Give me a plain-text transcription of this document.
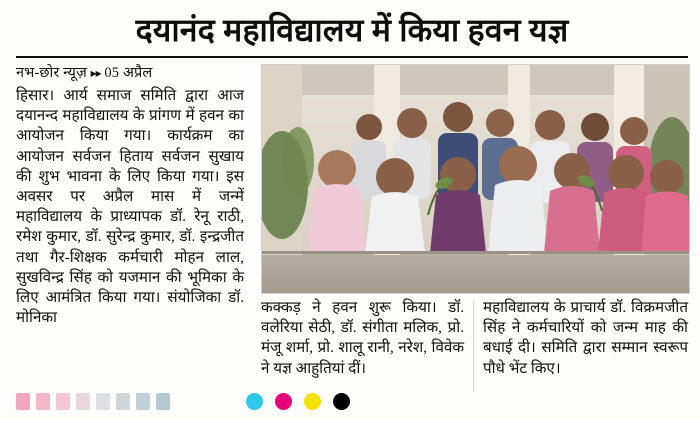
दयानंद महाविद्यालय में किया हवन यज्ञ
नभ-छोर न्यूज़ ▸▸ 05 अप्रैल
हिसार। आर्य समाज समिति द्वारा आज दयानन्द महाविद्यालय के प्रांगण में हवन का आयोजन किया गया। कार्यक्रम का आयोजन सर्वजन हिताय सर्वजन सुखाय की शुभ भावना के लिए किया गया। इस अवसर पर अप्रैल मास में जन्में महाविद्यालय के प्राध्यापक डॉ. रेनू राठी, रमेश कुमार, डॉ. सुरेन्द्र कुमार, डॉ. इन्द्रजीत तथा गैर-शिक्षक कर्मचारी मोहन लाल, सुखविन्द्र सिंह को यजमान की भूमिका के लिए आमंत्रित किया गया। संयोजिका डॉ. मोनिका
कक्कड़ ने हवन शुरू किया। डॉ. वलेरिया सेठी, डॉ. संगीता मलिक, प्रो. मंजू शर्मा, प्रो. शालू रानी, नरेश, विवेक ने यज्ञ आहुतियां दीं।
महाविद्यालय के प्राचार्य डॉ. विक्रमजीत सिंह ने कर्मचारियों को जन्म माह की बधाई दी। समिति द्वारा सम्मान स्वरूप पौधे भेंट किए।
